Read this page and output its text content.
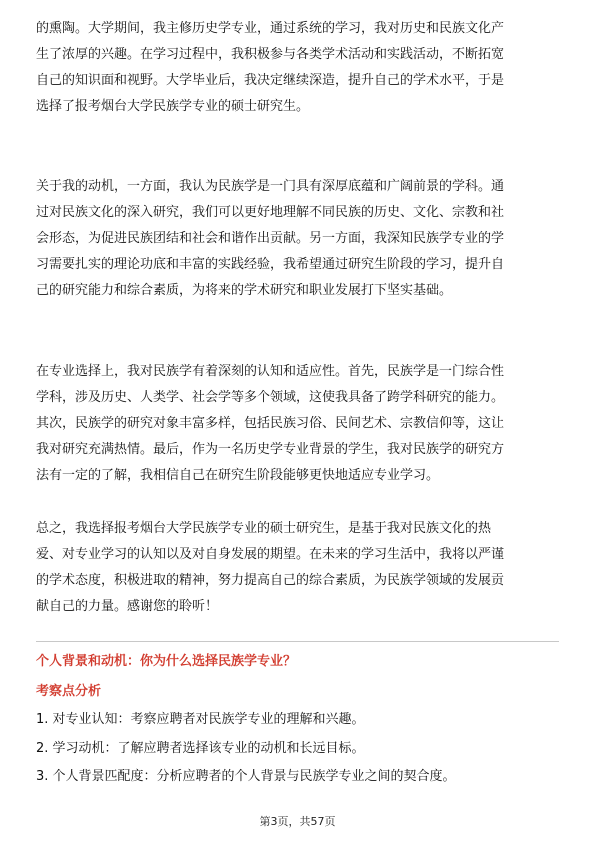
的熏陶。大学期间，我主修历史学专业，通过系统的学习，我对历史和民族文化产
生了浓厚的兴趣。在学习过程中，我积极参与各类学术活动和实践活动，不断拓宽
自己的知识面和视野。大学毕业后，我决定继续深造，提升自己的学术水平，于是
选择了报考烟台大学民族学专业的硕士研究生。

关于我的动机，一方面，我认为民族学是一门具有深厚底蕴和广阔前景的学科。通
过对民族文化的深入研究，我们可以更好地理解不同民族的历史、文化、宗教和社
会形态，为促进民族团结和社会和谐作出贡献。另一方面，我深知民族学专业的学
习需要扎实的理论功底和丰富的实践经验，我希望通过研究生阶段的学习，提升自
己的研究能力和综合素质，为将来的学术研究和职业发展打下坚实基础。

在专业选择上，我对民族学有着深刻的认知和适应性。首先，民族学是一门综合性
学科，涉及历史、人类学、社会学等多个领域，这使我具备了跨学科研究的能力。
其次，民族学的研究对象丰富多样，包括民族习俗、民间艺术、宗教信仰等，这让
我对研究充满热情。最后，作为一名历史学专业背景的学生，我对民族学的研究方
法有一定的了解，我相信自己在研究生阶段能够更快地适应专业学习。

总之，我选择报考烟台大学民族学专业的硕士研究生，是基于我对民族文化的热
爱、对专业学习的认知以及对自身发展的期望。在未来的学习生活中，我将以严谨
的学术态度，积极进取的精神，努力提高自己的综合素质，为民族学领域的发展贡
献自己的力量。感谢您的聆听！

个人背景和动机：你为什么选择民族学专业？
考察点分析
1. 对专业认知：考察应聘者对民族学专业的理解和兴趣。
2. 学习动机：了解应聘者选择该专业的动机和长远目标。
3. 个人背景匹配度：分析应聘者的个人背景与民族学专业之间的契合度。
第3页，共57页
